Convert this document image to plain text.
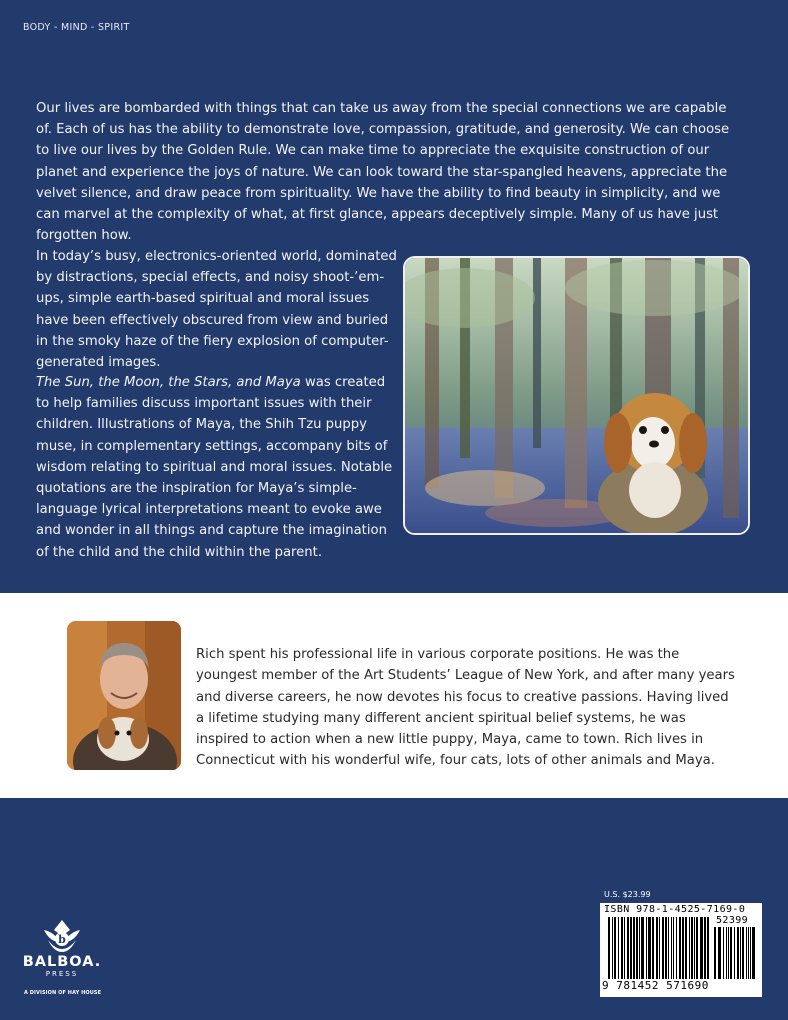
BODY - MIND - SPIRIT

Our lives are bombarded with things that can take us away from the special connections we are capable of. Each of us has the ability to demonstrate love, compassion, gratitude, and generosity. We can choose to live our lives by the Golden Rule. We can make time to appreciate the exquisite construction of our planet and experience the joys of nature. We can look toward the star-spangled heavens, appreciate the velvet silence, and draw peace from spirituality. We have the ability to find beauty in simplicity, and we can marvel at the complexity of what, at first glance, appears deceptively simple. Many of us have just forgotten how.

In today’s busy, electronics-oriented world, dominated by distractions, special effects, and noisy shoot-’em-ups, simple earth-based spiritual and moral issues have been effectively obscured from view and buried in the smoky haze of the fiery explosion of computer-generated images.

The Sun, the Moon, the Stars, and Maya was created to help families discuss important issues with their children. Illustrations of Maya, the Shih Tzu puppy muse, in complementary settings, accompany bits of wisdom relating to spiritual and moral issues. Notable quotations are the inspiration for Maya’s simple-language lyrical interpretations meant to evoke awe and wonder in all things and capture the imagination of the child and the child within the parent.

Rich spent his professional life in various corporate positions. He was the youngest member of the Art Students’ League of New York, and after many years and diverse careers, he now devotes his focus to creative passions. Having lived a lifetime studying many different ancient spiritual belief systems, he was inspired to action when a new little puppy, Maya, came to town. Rich lives in Connecticut with his wonderful wife, four cats, lots of other animals and Maya.
b
BALBOA.
PRESS
A DIVISION OF HAY HOUSE
U.S. $23.99
ISBN 978-1-4525-7169-0
52399
9 781452 571690
